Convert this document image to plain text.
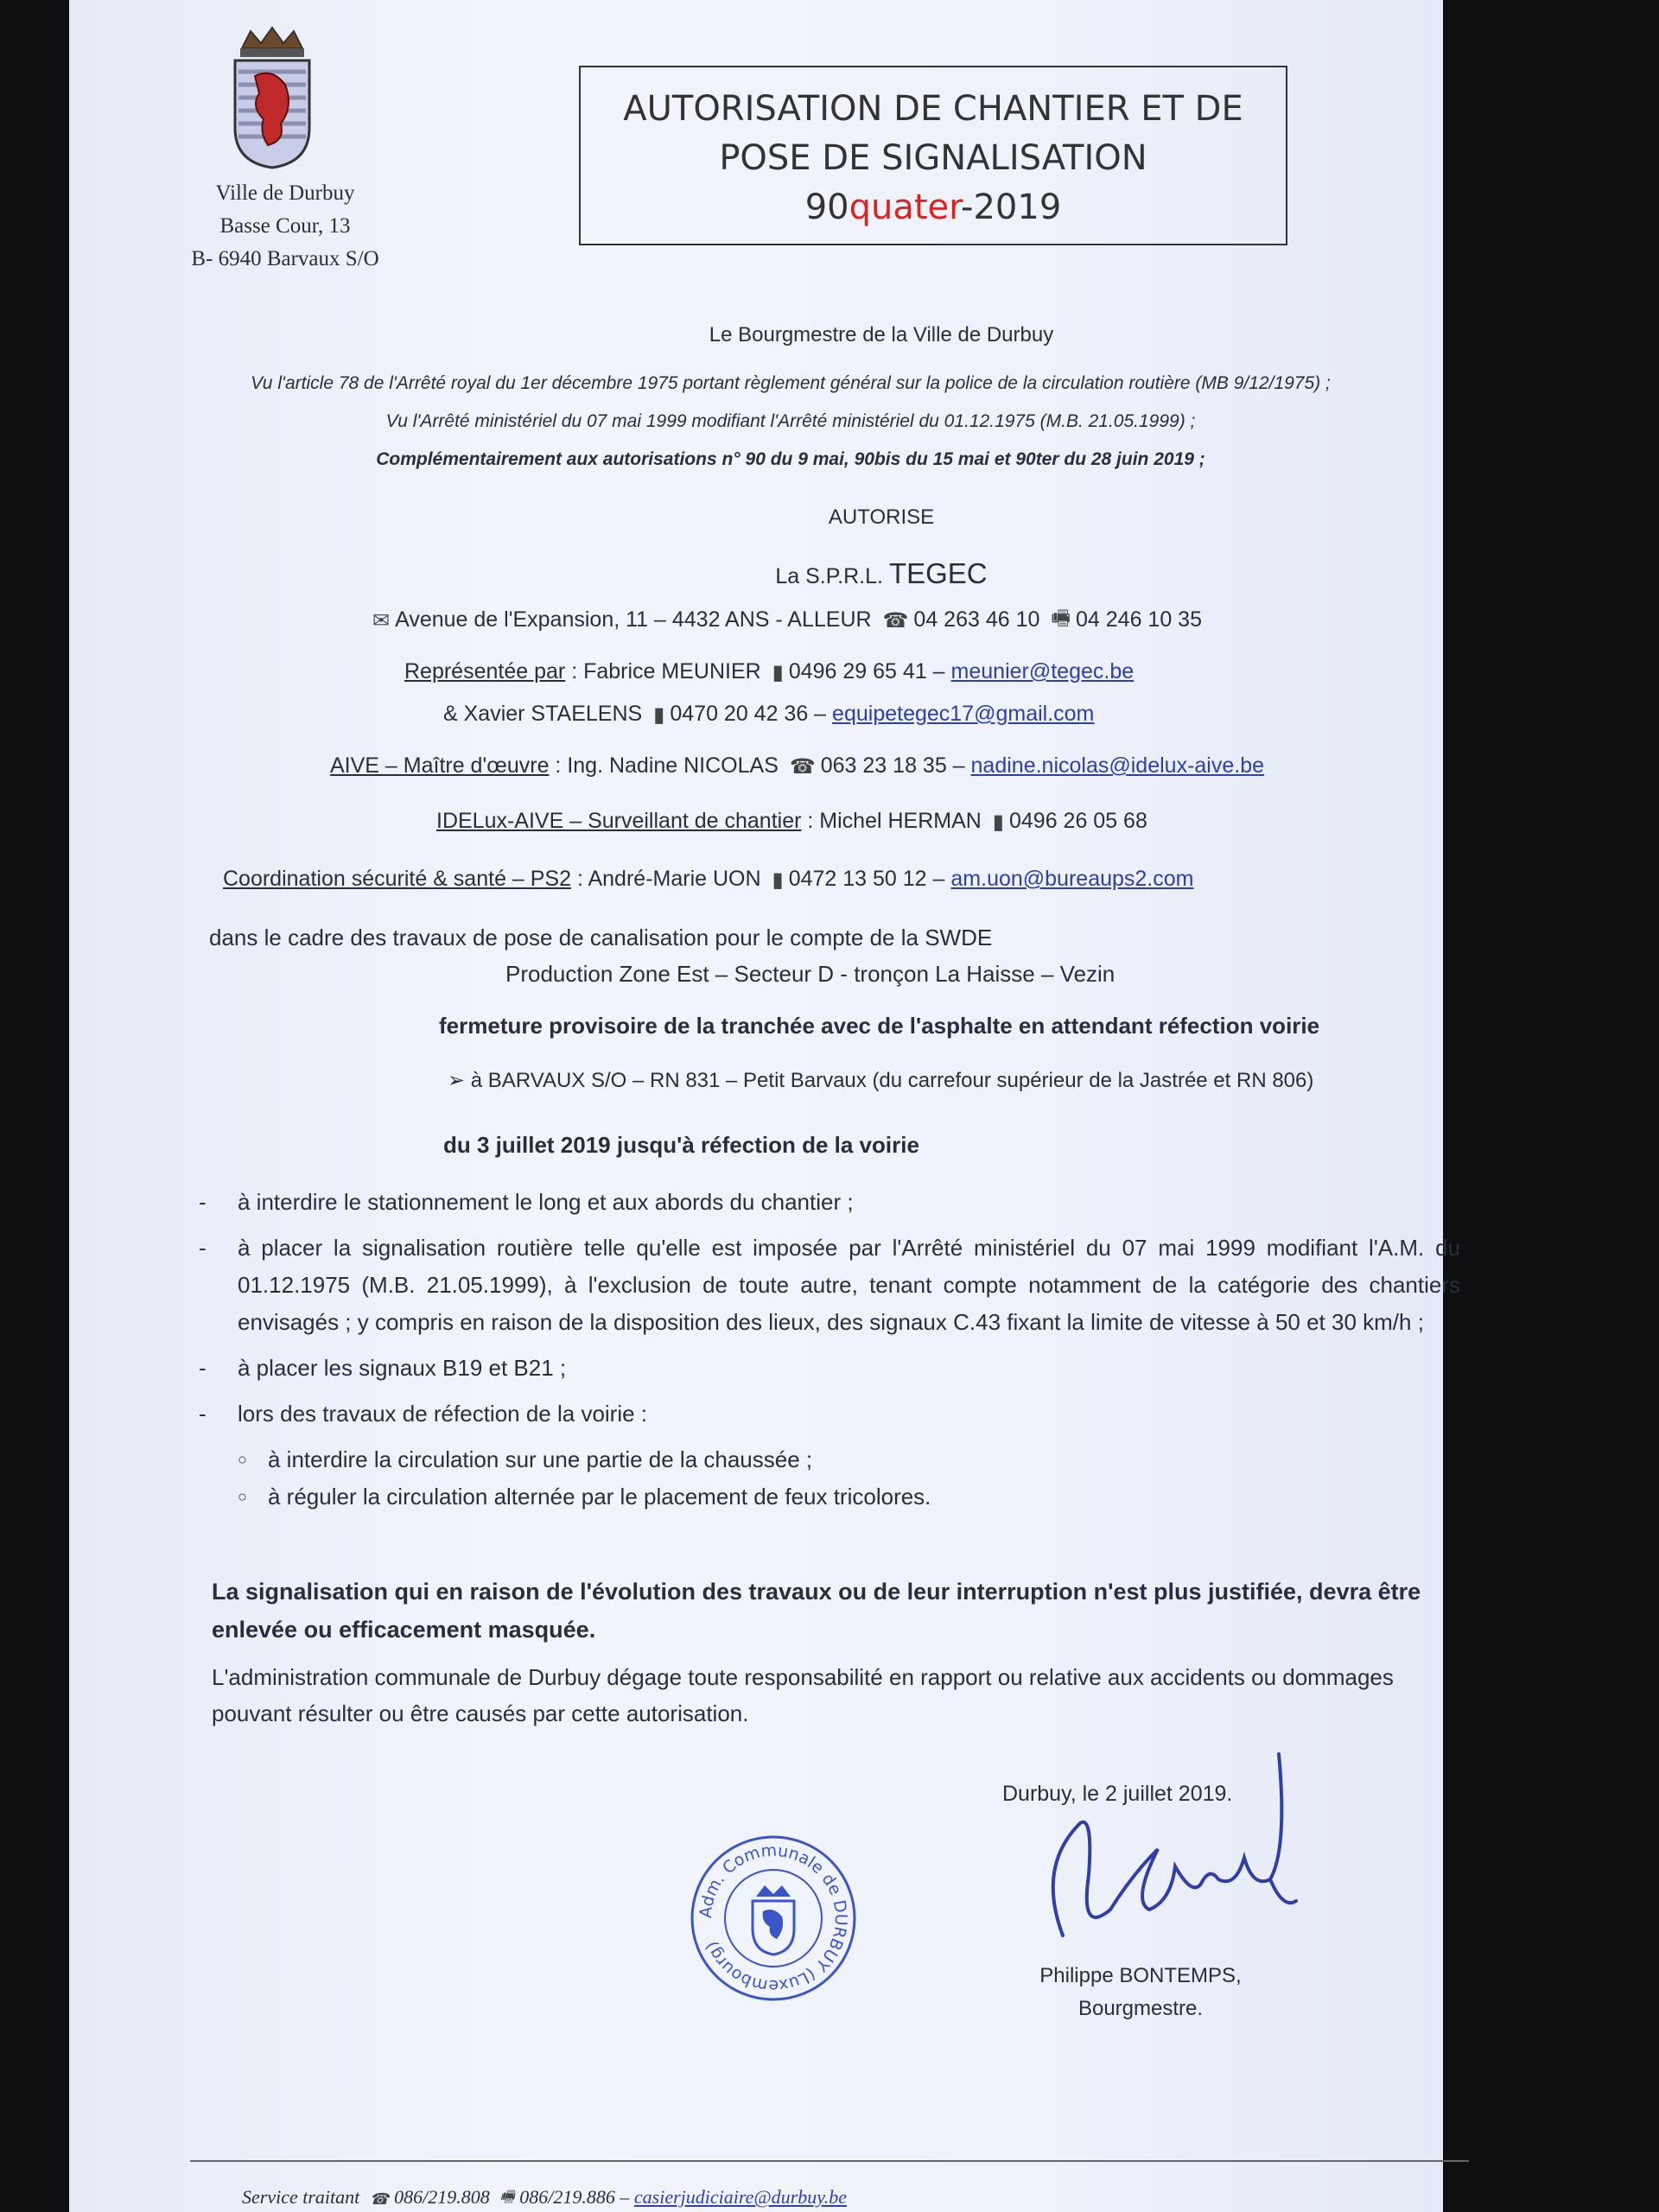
Ville de Durbuy
Basse Cour, 13
B- 6940 Barvaux S/O
AUTORISATION DE CHANTIER ET DE
POSE DE SIGNALISATION
90quater-2019
Le Bourgmestre de la Ville de Durbuy
Vu l'article 78 de l'Arrêté royal du 1er décembre 1975 portant règlement général sur la police de la circulation routière (MB 9/12/1975) ;
Vu l'Arrêté ministériel du 07 mai 1999 modifiant l'Arrêté ministériel du 01.12.1975 (M.B. 21.05.1999) ;
Complémentairement aux autorisations n° 90 du 9 mai, 90bis du 15 mai et 90ter du 28 juin 2019 ;
AUTORISE
La S.P.R.L. TEGEC
✉ Avenue de l'Expansion, 11 – 4432 ANS - ALLEUR ☎ 04 263 46 10 🖷 04 246 10 35
Représentée par : Fabrice MEUNIER ▮ 0496 29 65 41 – meunier@tegec.be
& Xavier STAELENS ▮ 0470 20 42 36 – equipetegec17@gmail.com
AIVE – Maître d'œuvre : Ing. Nadine NICOLAS ☎ 063 23 18 35 – nadine.nicolas@idelux-aive.be
IDELux-AIVE – Surveillant de chantier : Michel HERMAN ▮ 0496 26 05 68
Coordination sécurité & santé – PS2 : André-Marie UON ▮ 0472 13 50 12 – am.uon@bureaups2.com
dans le cadre des travaux de pose de canalisation pour le compte de la SWDE
Production Zone Est – Secteur D - tronçon La Haisse – Vezin
fermeture provisoire de la tranchée avec de l'asphalte en attendant réfection voirie
➢ à BARVAUX S/O – RN 831 – Petit Barvaux (du carrefour supérieur de la Jastrée et RN 806)
du 3 juillet 2019 jusqu'à réfection de la voirie
- à interdire le stationnement le long et aux abords du chantier ;
- à placer la signalisation routière telle qu'elle est imposée par l'Arrêté ministériel du 07 mai 1999 modifiant l'A.M. du 01.12.1975 (M.B. 21.05.1999), à l'exclusion de toute autre, tenant compte notamment de la catégorie des chantiers envisagés ; y compris en raison de la disposition des lieux, des signaux C.43 fixant la limite de vitesse à 50 et 30 km/h ;
- à placer les signaux B19 et B21 ;
- lors des travaux de réfection de la voirie :
○ à interdire la circulation sur une partie de la chaussée ;
○ à réguler la circulation alternée par le placement de feux tricolores.
La signalisation qui en raison de l'évolution des travaux ou de leur interruption n'est plus justifiée, devra être enlevée ou efficacement masquée.
L'administration communale de Durbuy dégage toute responsabilité en rapport ou relative aux accidents ou dommages pouvant résulter ou être causés par cette autorisation.
Adm. Communale de DURBUY (Luxembourg)
Durbuy, le 2 juillet 2019.
Philippe BONTEMPS,
Bourgmestre.
Service traitant ☎ 086/219.808 🖷 086/219.886 – casierjudiciaire@durbuy.be
